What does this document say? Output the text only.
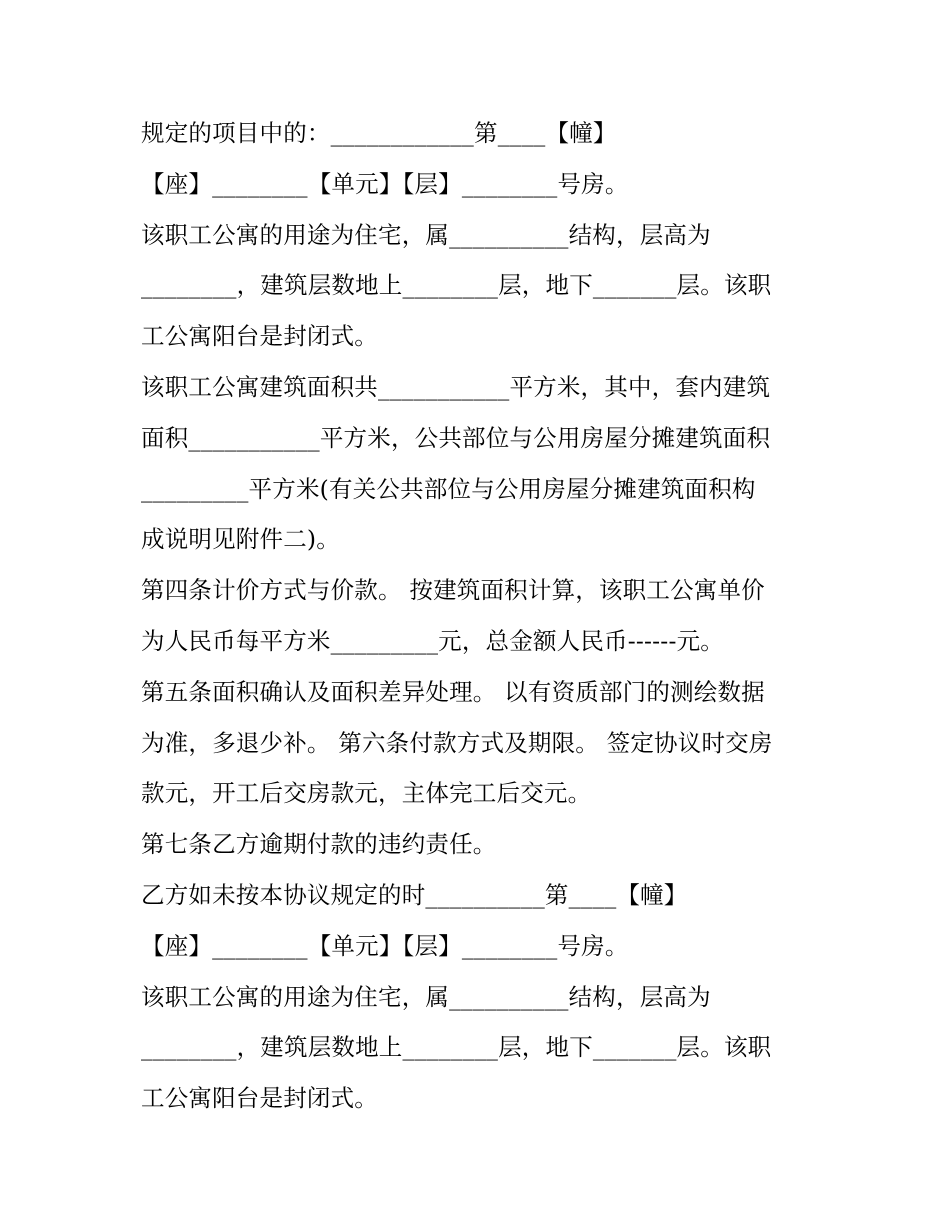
规定的项目中的：____________第____【幢】
【座】________【单元】【层】________号房。
该职工公寓的用途为住宅，属__________结构，层高为
________，建筑层数地上________层，地下_______层。该职
工公寓阳台是封闭式。
该职工公寓建筑面积共___________平方米，其中，套内建筑
面积___________平方米，公共部位与公用房屋分摊建筑面积
_________平方米(有关公共部位与公用房屋分摊建筑面积构
成说明见附件二)。
第四条计价方式与价款。 按建筑面积计算，该职工公寓单价
为人民币每平方米_________元，总金额人民币------元。
第五条面积确认及面积差异处理。 以有资质部门的测绘数据
为准，多退少补。 第六条付款方式及期限。 签定协议时交房
款元，开工后交房款元，主体完工后交元。
第七条乙方逾期付款的违约责任。
乙方如未按本协议规定的时__________第____【幢】
【座】________【单元】【层】________号房。
该职工公寓的用途为住宅，属__________结构，层高为
________，建筑层数地上________层，地下_______层。该职
工公寓阳台是封闭式。
